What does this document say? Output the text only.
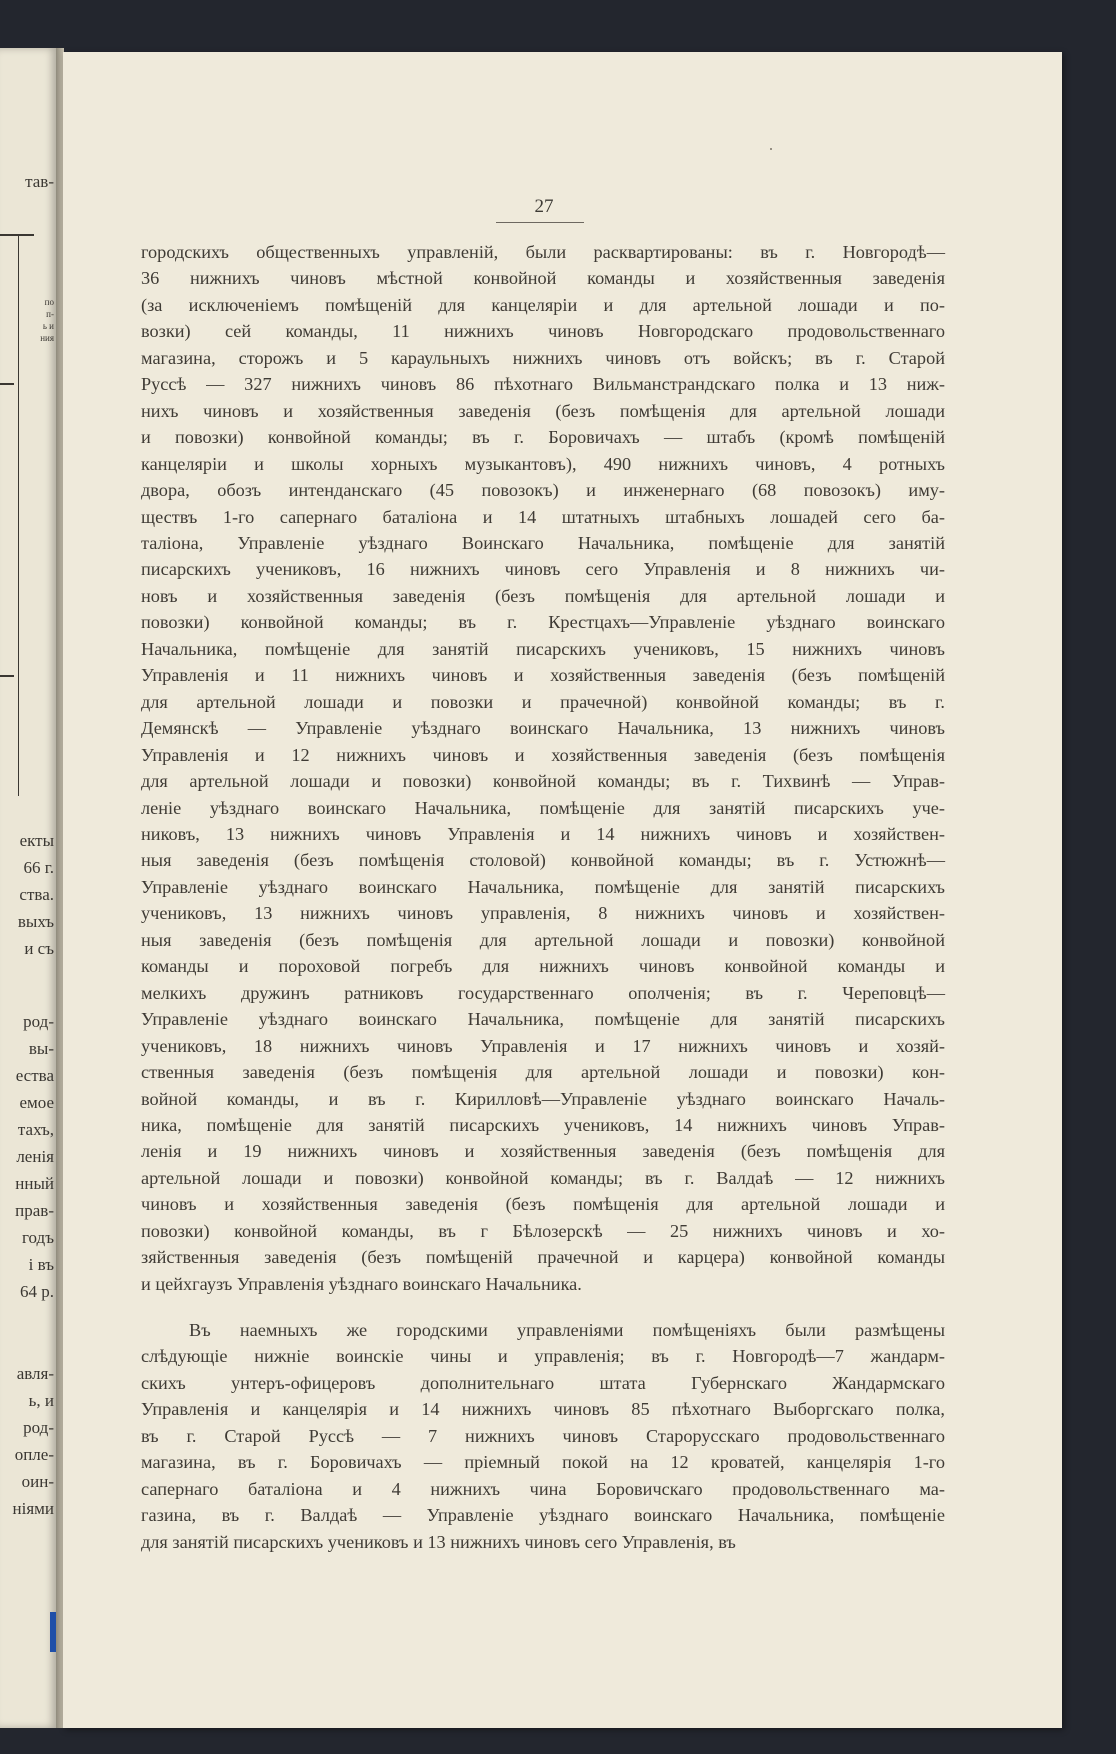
тав-

по
п-
ь и
ния

екты

66 г.

ства.

выхъ

и съ

род-

вы-

ества

емое

тахъ,

ленія

нный

прав-

годъ

і въ

64 р.

авля-

ь, и

род-

опле-

оин-

ніями

27

городскихъ общественныхъ управленій, были расквартированы: въ г. Новгородѣ—
36 нижнихъ чиновъ мѣстной конвойной команды и хозяйственныя заведенія
(за исключеніемъ помѣщеній для канцеляріи и для артельной лошади и по-
возки) сей команды, 11 нижнихъ чиновъ Новгородскаго продовольственнаго
магазина, сторожъ и 5 караульныхъ нижнихъ чиновъ отъ войскъ; въ г. Старой
Руссѣ — 327 нижнихъ чиновъ 86 пѣхотнаго Вильманстрандскаго полка и 13 ниж-
нихъ чиновъ и хозяйственныя заведенія (безъ помѣщенія для артельной лошади
и повозки) конвойной команды; въ г. Боровичахъ — штабъ (кромѣ помѣщеній
канцеляріи и школы хорныхъ музыкантовъ), 490 нижнихъ чиновъ, 4 ротныхъ
двора, обозъ интенданскаго (45 повозокъ) и инженернаго (68 повозокъ) иму-
ществъ 1-го сапернаго баталіона и 14 штатныхъ штабныхъ лошадей сего ба-
таліона, Управленіе уѣзднаго Воинскаго Начальника, помѣщеніе для занятій
писарскихъ учениковъ, 16 нижнихъ чиновъ сего Управленія и 8 нижнихъ чи-
новъ и хозяйственныя заведенія (безъ помѣщенія для артельной лошади и
повозки) конвойной команды; въ г. Крестцахъ—Управленіе уѣзднаго воинскаго
Начальника, помѣщеніе для занятій писарскихъ учениковъ, 15 нижнихъ чиновъ
Управленія и 11 нижнихъ чиновъ и хозяйственныя заведенія (безъ помѣщеній
для артельной лошади и повозки и прачечной) конвойной команды; въ г.
Демянскѣ — Управленіе уѣзднаго воинскаго Начальника, 13 нижнихъ чиновъ
Управленія и 12 нижнихъ чиновъ и хозяйственныя заведенія (безъ помѣщенія
для артельной лошади и повозки) конвойной команды; въ г. Тихвинѣ — Управ-
леніе уѣзднаго воинскаго Начальника, помѣщеніе для занятій писарскихъ уче-
никовъ, 13 нижнихъ чиновъ Управленія и 14 нижнихъ чиновъ и хозяйствен-
ныя заведенія (безъ помѣщенія столовой) конвойной команды; въ г. Устюжнѣ—
Управленіе уѣзднаго воинскаго Начальника, помѣщеніе для занятій писарскихъ
учениковъ, 13 нижнихъ чиновъ управленія, 8 нижнихъ чиновъ и хозяйствен-
ныя заведенія (безъ помѣщенія для артельной лошади и повозки) конвойной
команды и пороховой погребъ для нижнихъ чиновъ конвойной команды и
мелкихъ дружинъ ратниковъ государственнаго ополченія; въ г. Череповцѣ—
Управленіе уѣзднаго воинскаго Начальника, помѣщеніе для занятій писарскихъ
учениковъ, 18 нижнихъ чиновъ Управленія и 17 нижнихъ чиновъ и хозяй-
ственныя заведенія (безъ помѣщенія для артельной лошади и повозки) кон-
войной команды, и въ г. Кирилловѣ—Управленіе уѣзднаго воинскаго Началь-
ника, помѣщеніе для занятій писарскихъ учениковъ, 14 нижнихъ чиновъ Управ-
ленія и 19 нижнихъ чиновъ и хозяйственныя заведенія (безъ помѣщенія для
артельной лошади и повозки) конвойной команды; въ г. Валдаѣ — 12 нижнихъ
чиновъ и хозяйственныя заведенія (безъ помѣщенія для артельной лошади и
повозки) конвойной команды, въ г Бѣлозерскѣ — 25 нижнихъ чиновъ и хо-
зяйственныя заведенія (безъ помѣщеній прачечной и карцера) конвойной команды
и цейхгаузъ Управленія уѣзднаго воинскаго Начальника.

Въ наемныхъ же городскими управленіями помѣщеніяхъ были размѣщены
слѣдующіе нижніе воинскіе чины и управленія; въ г. Новгородѣ—7 жандарм-
скихъ унтеръ-офицеровъ дополнительнаго штата Губернскаго Жандармскаго
Управленія и канцелярія и 14 нижнихъ чиновъ 85 пѣхотнаго Выборгскаго полка,
въ г. Старой Руссѣ — 7 нижнихъ чиновъ Старорусскаго продовольственнаго
магазина, въ г. Боровичахъ — пріемный покой на 12 кроватей, канцелярія 1-го
сапернаго баталіона и 4 нижнихъ чина Боровичскаго продовольственнаго ма-
газина, въ г. Валдаѣ — Управленіе уѣзднаго воинскаго Начальника, помѣщеніе
для занятій писарскихъ учениковъ и 13 нижнихъ чиновъ сего Управленія, въ
